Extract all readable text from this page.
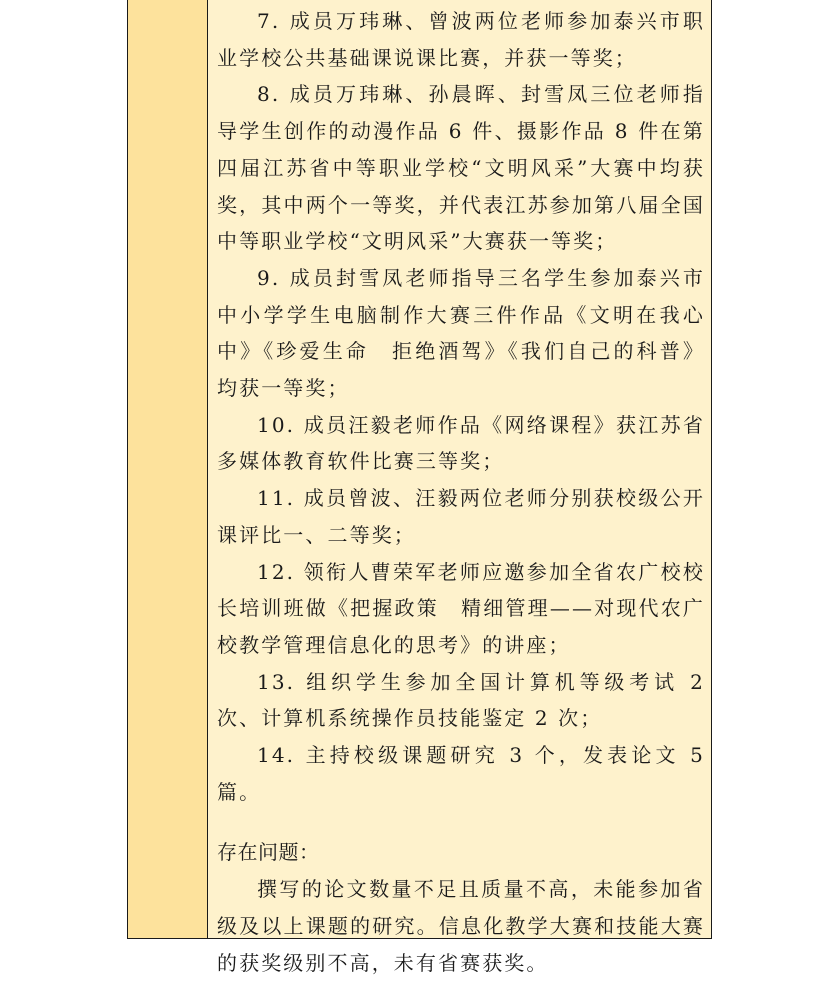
7. 成员万玮琳、曾波两位老师参加泰兴市职业学校公共基础课说课比赛，并获一等奖；

8. 成员万玮琳、孙晨晖、封雪凤三位老师指导学生创作的动漫作品 6 件、摄影作品 8 件在第四届江苏省中等职业学校“文明风采”大赛中均获奖，其中两个一等奖，并代表江苏参加第八届全国中等职业学校“文明风采”大赛获一等奖；

9. 成员封雪凤老师指导三名学生参加泰兴市中小学学生电脑制作大赛三件作品《文明在我心中》《珍爱生命　拒绝酒驾》《我们自己的科普》均获一等奖；

10. 成员汪毅老师作品《网络课程》获江苏省多媒体教育软件比赛三等奖；

11. 成员曾波、汪毅两位老师分别获校级公开课评比一、二等奖；

12. 领衔人曹荣军老师应邀参加全省农广校校长培训班做《把握政策　精细管理——对现代农广校教学管理信息化的思考》的讲座；

13. 组织学生参加全国计算机等级考试 2 次、计算机系统操作员技能鉴定 2 次；

14. 主持校级课题研究 3 个，发表论文 5 篇。

存在问题：

撰写的论文数量不足且质量不高，未能参加省级及以上课题的研究。信息化教学大赛和技能大赛的获奖级别不高，未有省赛获奖。
